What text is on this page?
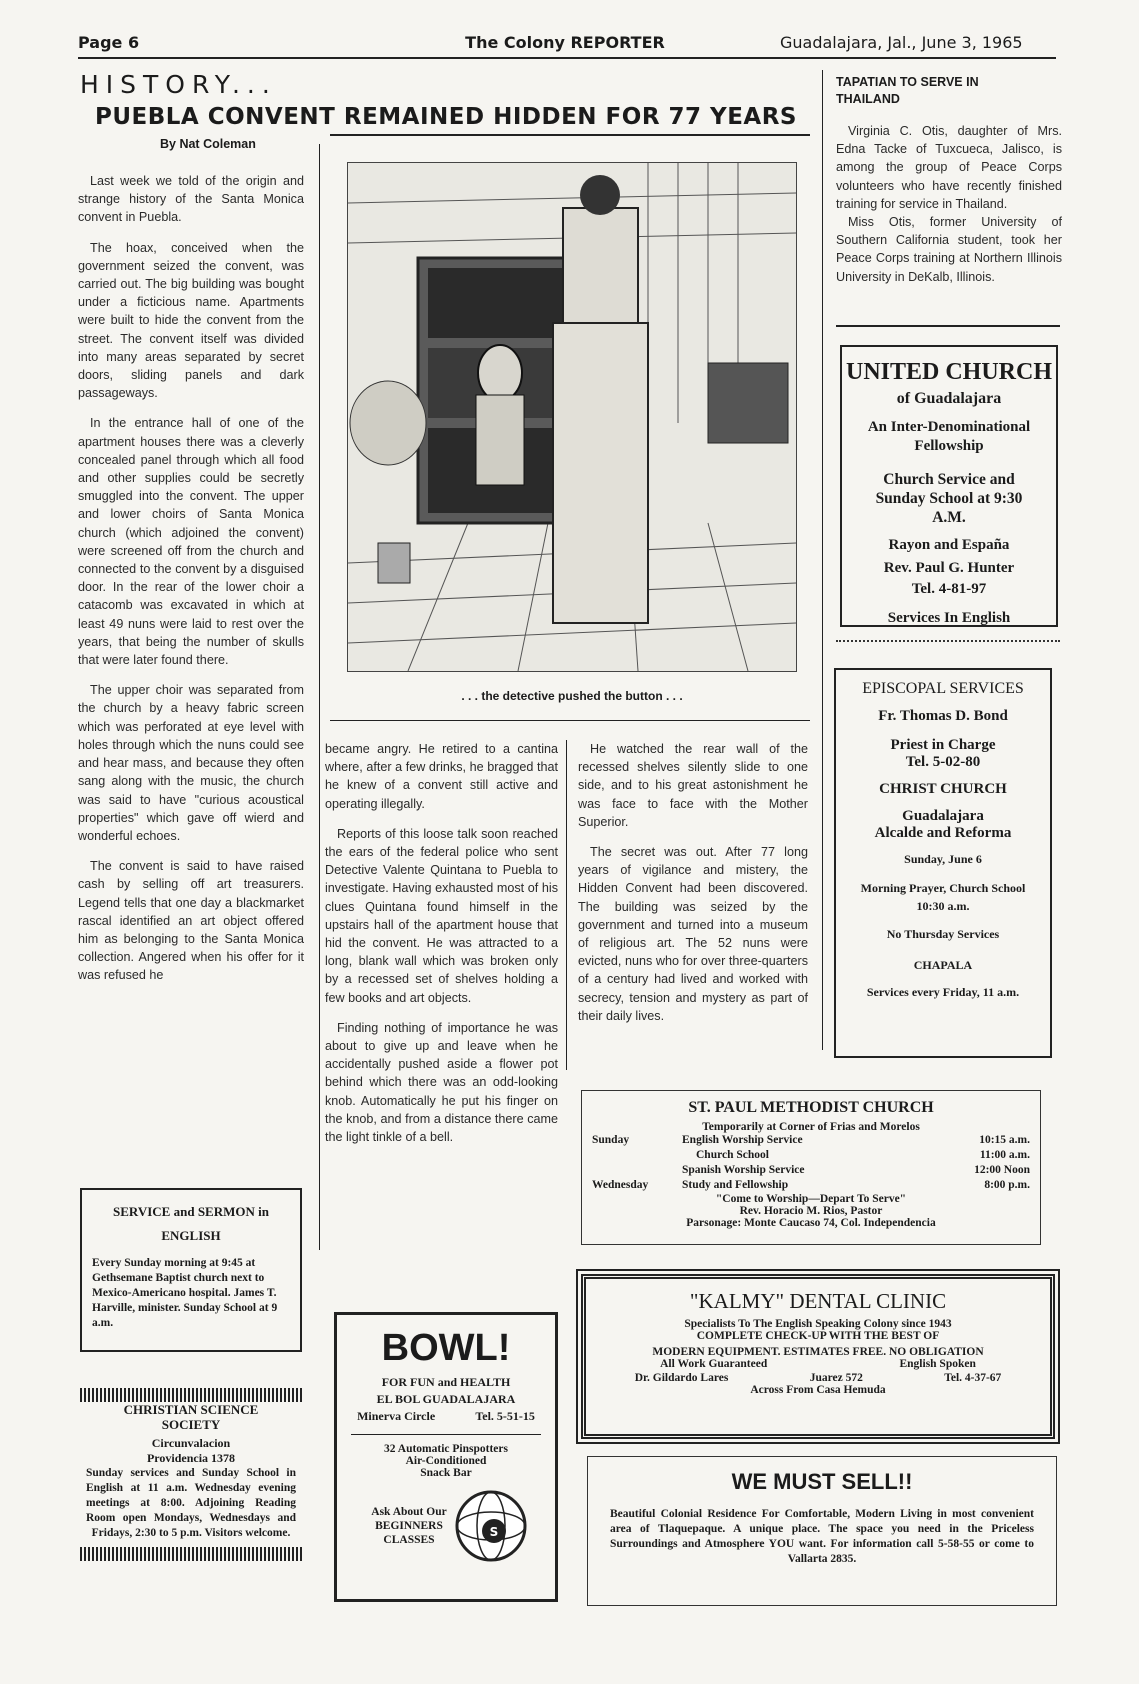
Page 6	The Colony REPORTER	Guadalajara, Jal., June 3, 1965
HISTORY...
PUEBLA CONVENT REMAINED HIDDEN FOR 77 YEARS
By Nat Coleman

Last week we told of the origin and strange history of the Santa Monica convent in Puebla.

The hoax, conceived when the government seized the convent, was carried out. The big building was bought under a ficticious name. Apartments were built to hide the convent from the street. The convent itself was divided into many areas separated by secret doors, sliding panels and dark passageways.

In the entrance hall of one of the apartment houses there was a cleverly concealed panel through which all food and other supplies could be secretly smuggled into the convent. The upper and lower choirs of Santa Monica church (which adjoined the convent) were screened off from the church and connected to the convent by a disguised door. In the rear of the lower choir a catacomb was excavated in which at least 49 nuns were laid to rest over the years, that being the number of skulls that were later found there.

The upper choir was separated from the church by a heavy fabric screen which was perforated at eye level with holes through which the nuns could see and hear mass, and because they often sang along with the music, the church was said to have "curious acoustical properties" which gave off wierd and wonderful echoes.

The convent is said to have raised cash by selling off art treasurers. Legend tells that one day a blackmarket rascal identified an art object offered him as belonging to the Santa Monica collection. Angered when his offer for it was refused he

. . . the detective pushed the button . . .

became angry. He retired to a cantina where, after a few drinks, he bragged that he knew of a convent still active and operating illegally.

Reports of this loose talk soon reached the ears of the federal police who sent Detective Valente Quintana to Puebla to investigate. Having exhausted most of his clues Quintana found himself in the upstairs hall of the apartment house that hid the convent. He was attracted to a long, blank wall which was broken only by a recessed set of shelves holding a few books and art objects.

Finding nothing of importance he was about to give up and leave when he accidentally pushed aside a flower pot behind which there was an odd-looking knob. Automatically he put his finger on the knob, and from a distance there came the light tinkle of a bell.

He watched the rear wall of the recessed shelves silently slide to one side, and to his great astonishment he was face to face with the Mother Superior.

The secret was out. After 77 long years of vigilance and mistery, the Hidden Convent had been discovered. The building was seized by the government and turned into a museum of religious art. The 52 nuns were evicted, nuns who for over three-quarters of a century had lived and worked with secrecy, tension and mystery as part of their daily lives.

TAPATIAN TO SERVE IN THAILAND

Virginia C. Otis, daughter of Mrs. Edna Tacke of Tuxcueca, Jalisco, is among the group of Peace Corps volunteers who have recently finished training for service in Thailand.

Miss Otis, former University of Southern California student, took her Peace Corps training at Northern Illinois University in DeKalb, Illinois.

UNITED CHURCH
of Guadalajara
An Inter-Denominational Fellowship
Church Service and Sunday School at 9:30 A.M.
Rayon and España
Rev. Paul G. Hunter
Tel. 4-81-97
Services In English
EPISCOPAL SERVICES
Fr. Thomas D. Bond
Priest in Charge
Tel. 5-02-80
CHRIST CHURCH
Guadalajara
Alcalde and Reforma
Sunday, June 6
Morning Prayer, Church School 10:30 a.m.
No Thursday Services
CHAPALA
Services every Friday, 11 a.m.
ST. PAUL METHODIST CHURCH
Temporarily at Corner of Frias and Morelos
Sunday	English Worship Service	10:15 a.m.
Church School	11:00 a.m.
Spanish Worship Service	12:00 Noon
Wednesday	Study and Fellowship	8:00 p.m.
"Come to Worship—Depart To Serve"
Rev. Horacio M. Rios, Pastor
Parsonage: Monte Caucaso 74, Col. Independencia
"KALMY" DENTAL CLINIC
Specialists To The English Speaking Colony since 1943
COMPLETE CHECK-UP WITH THE BEST OF
MODERN EQUIPMENT. ESTIMATES FREE. NO OBLIGATION
All Work Guaranteed	English Spoken
Dr. Gildardo Lares	Juarez 572	Tel. 4-37-67
Across From Casa Hemuda
WE MUST SELL!!
Beautiful Colonial Residence For Comfortable, Modern Living in most convenient area of Tlaquepaque. A unique place. The space you need in the Priceless Surroundings and Atmosphere YOU want. For information call 5-58-55 or come to Vallarta 2835.
SERVICE and SERMON in ENGLISH
Every Sunday morning at 9:45 at Gethsemane Baptist church next to Mexico-Americano hospital. James T. Harville, minister. Sunday School at 9 a.m.
CHRISTIAN SCIENCE SOCIETY
Circunvalacion
Providencia 1378
Sunday services and Sunday School in English at 11 a.m. Wednesday evening meetings at 8:00. Adjoining Reading Room open Mondays, Wednesdays and Fridays, 2:30 to 5 p.m. Visitors welcome.
BOWL!
FOR FUN and HEALTH
EL BOL GUADALAJARA
Minerva Circle	Tel. 5-51-15
32 Automatic Pinspotters
Air-Conditioned
Snack Bar
Ask About Our BEGINNERS CLASSES
S
